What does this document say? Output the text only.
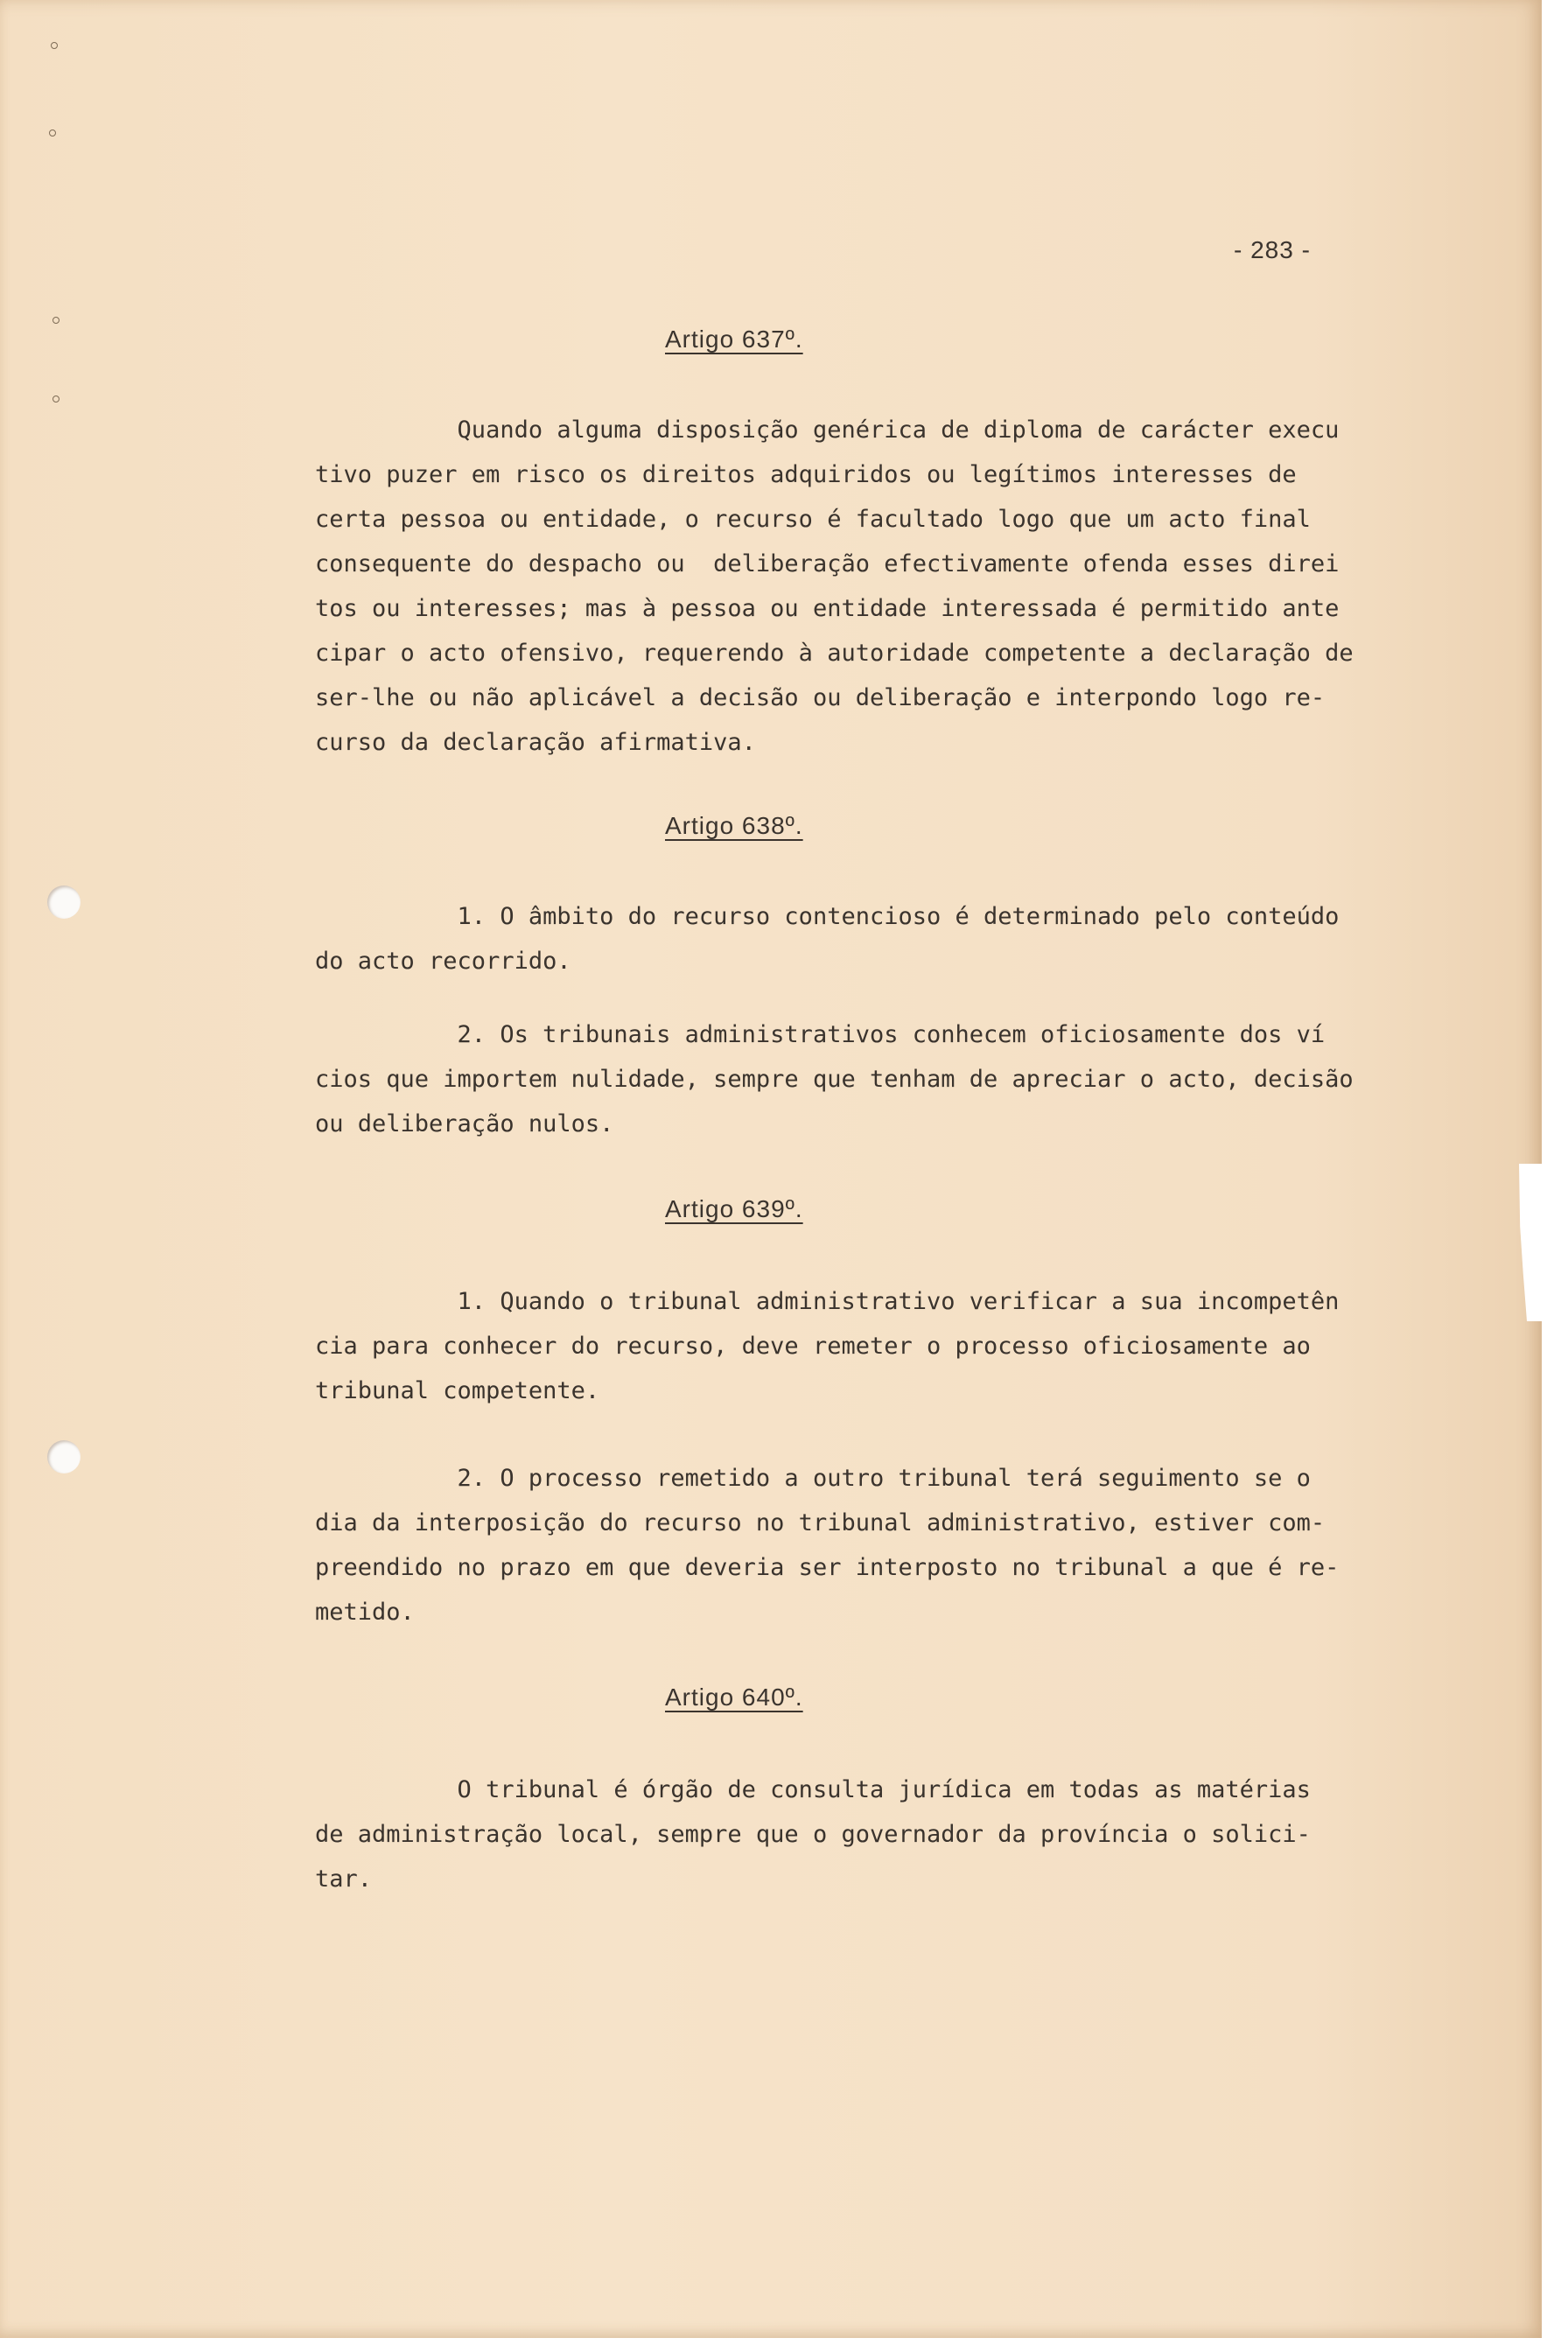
- 283 -
Artigo 637º.
Quando alguma disposição genérica de diploma de carácter execu
tivo puzer em risco os direitos adquiridos ou legítimos interesses de
certa pessoa ou entidade, o recurso é facultado logo que um acto final
consequente do despacho ou  deliberação efectivamente ofenda esses direi
tos ou interesses; mas à pessoa ou entidade interessada é permitido ante
cipar o acto ofensivo, requerendo à autoridade competente a declaração de
ser-lhe ou não aplicável a decisão ou deliberação e interpondo logo re-
curso da declaração afirmativa.
Artigo 638º.
1. O âmbito do recurso contencioso é determinado pelo conteúdo
do acto recorrido.
2. Os tribunais administrativos conhecem oficiosamente dos ví
cios que importem nulidade, sempre que tenham de apreciar o acto, decisão
ou deliberação nulos.
Artigo 639º.
1. Quando o tribunal administrativo verificar a sua incompetên
cia para conhecer do recurso, deve remeter o processo oficiosamente ao
tribunal competente.
2. O processo remetido a outro tribunal terá seguimento se o
dia da interposição do recurso no tribunal administrativo, estiver com-
preendido no prazo em que deveria ser interposto no tribunal a que é re-
metido.
Artigo 640º.
O tribunal é órgão de consulta jurídica em todas as matérias
de administração local, sempre que o governador da província o solici-
tar.
